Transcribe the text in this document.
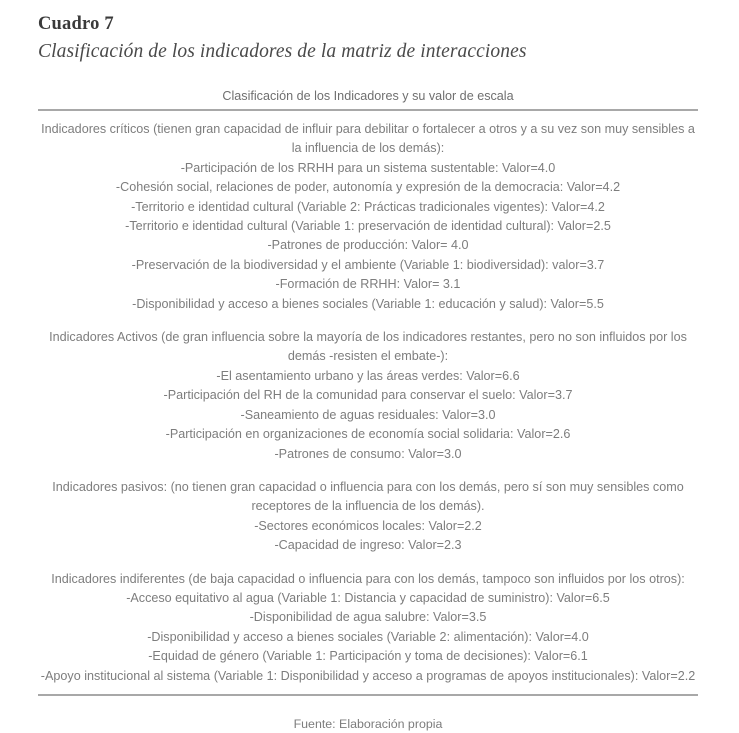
Cuadro 7
Clasificación de los indicadores de la matriz de interacciones
Clasificación de los Indicadores y su valor de escala

Indicadores críticos (tienen gran capacidad de influir para debilitar o fortalecer a otros y a su vez son muy sensibles a la influencia de los demás):

-Participación de los RRHH para un sistema sustentable: Valor=4.0

-Cohesión social, relaciones de poder, autonomía y expresión de la democracia: Valor=4.2

-Territorio e identidad cultural (Variable 2: Prácticas tradicionales vigentes): Valor=4.2

-Territorio e identidad cultural (Variable 1: preservación de identidad cultural): Valor=2.5

-Patrones de producción: Valor= 4.0

-Preservación de la biodiversidad y el ambiente (Variable 1: biodiversidad): valor=3.7

-Formación de RRHH: Valor= 3.1

-Disponibilidad y acceso a bienes sociales (Variable 1: educación y salud): Valor=5.5

Indicadores Activos (de gran influencia sobre la mayoría de los indicadores restantes, pero no son influidos por los demás -resisten el embate-):

-El asentamiento urbano y las áreas verdes: Valor=6.6

-Participación del RH de la comunidad para conservar el suelo: Valor=3.7

-Saneamiento de aguas residuales: Valor=3.0

-Participación en organizaciones de economía social solidaria: Valor=2.6

-Patrones de consumo: Valor=3.0

Indicadores pasivos: (no tienen gran capacidad o influencia para con los demás, pero sí son muy sensibles como receptores de la influencia de los demás).

-Sectores económicos locales: Valor=2.2

-Capacidad de ingreso: Valor=2.3

Indicadores indiferentes (de baja capacidad o influencia para con los demás, tampoco son influidos por los otros):

-Acceso equitativo al agua (Variable 1: Distancia y capacidad de suministro): Valor=6.5

-Disponibilidad de agua salubre: Valor=3.5

-Disponibilidad y acceso a bienes sociales (Variable 2: alimentación): Valor=4.0

-Equidad de género (Variable 1: Participación y toma de decisiones): Valor=6.1

-Apoyo institucional al sistema (Variable 1: Disponibilidad y acceso a programas de apoyos institucionales): Valor=2.2

Fuente: Elaboración propia
